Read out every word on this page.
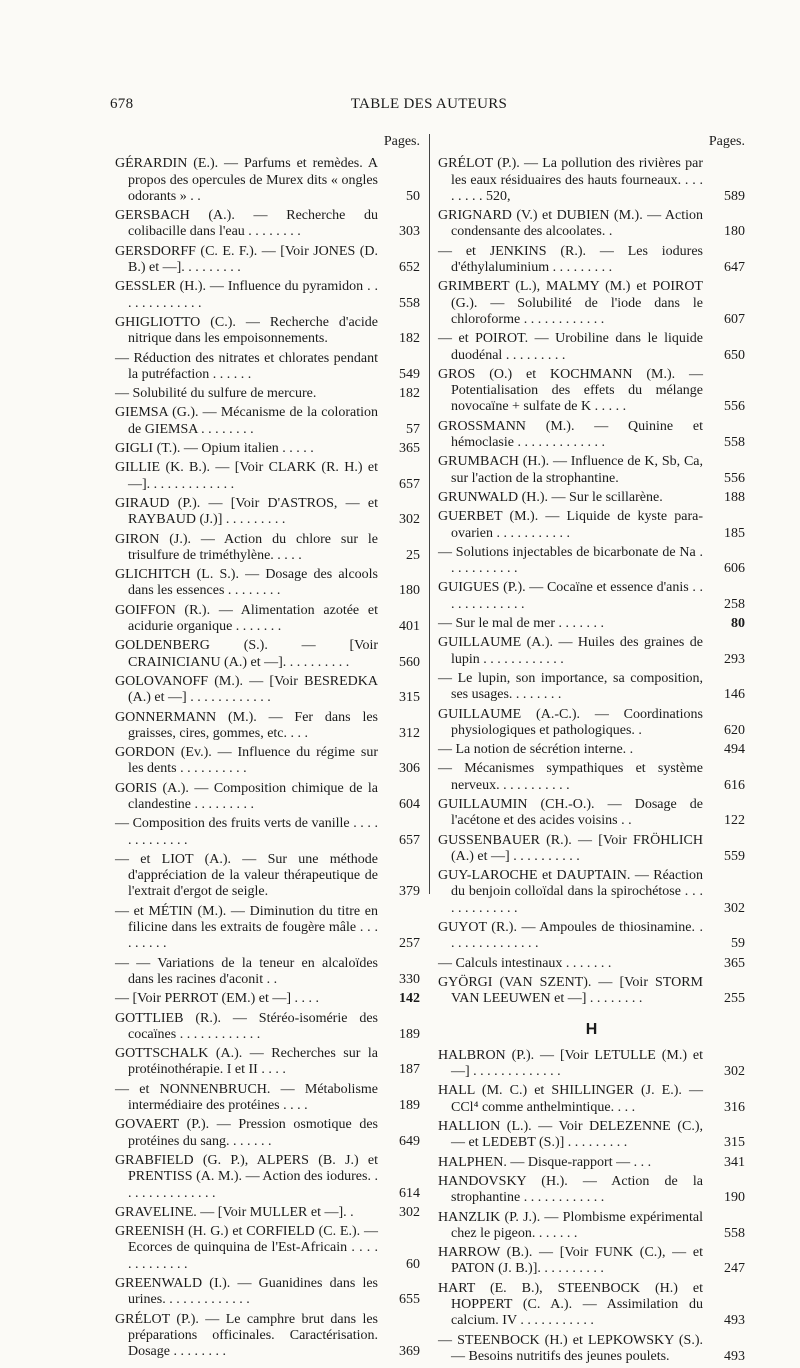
678	TABLE DES AUTEURS
Pages.
GÉRARDIN (E.). — Parfums et remèdes. A propos des opercules de Murex dits « ongles odorants » . .	50
GERSBACH (A.). — Recherche du colibacille dans l'eau . . . . . . . .	303
GERSDORFF (C. E. F.). — [Voir JONES (D. B.) et —]. . . . . . . . .	652
GESSLER (H.). — Influence du pyramidon . . . . . . . . . . . . .	558
GHIGLIOTTO (C.). — Recherche d'acide nitrique dans les empoisonnements.	182
— Réduction des nitrates et chlorates pendant la putréfaction . . . . . .	549
— Solubilité du sulfure de mercure.	182
GIEMSA (G.). — Mécanisme de la coloration de GIEMSA . . . . . . . .	57
GIGLI (T.). — Opium italien . . . . .	365
GILLIE (K. B.). — [Voir CLARK (R. H.) et —]. . . . . . . . . . . . .	657
GIRAUD (P.). — [Voir D'ASTROS, — et RAYBAUD (J.)] . . . . . . . . .	302
GIRON (J.). — Action du chlore sur le trisulfure de triméthylène. . . . .	25
GLICHITCH (L. S.). — Dosage des alcools dans les essences . . . . . . . .	180
GOIFFON (R.). — Alimentation azotée et acidurie organique . . . . . . .	401
GOLDENBERG (S.). — [Voir CRAINICIANU (A.) et —]. . . . . . . . . .	560
GOLOVANOFF (M.). — [Voir BESREDKA (A.) et —] . . . . . . . . . . . .	315
GONNERMANN (M.). — Fer dans les graisses, cires, gommes, etc. . . .	312
GORDON (Ev.). — Influence du régime sur les dents . . . . . . . . . .	306
GORIS (A.). — Composition chimique de la clandestine . . . . . . . . .	604
— Composition des fruits verts de vanille . . . . . . . . . . . . .	657
— et LIOT (A.). — Sur une méthode d'appréciation de la valeur thérapeutique de l'extrait d'ergot de seigle.	379
— et MÉTIN (M.). — Diminution du titre en filicine dans les extraits de fougère mâle . . . . . . . . .	257
— — Variations de la teneur en alcaloïdes dans les racines d'aconit . .	330
— [Voir PERROT (EM.) et —] . . . .	142
GOTTLIEB (R.). — Stéréo-isomérie des cocaïnes . . . . . . . . . . . .	189
GOTTSCHALK (A.). — Recherches sur la protéinothérapie. I et II . . . .	187
— et NONNENBRUCH. — Métabolisme intermédiaire des protéines . . . .	189
GOVAERT (P.). — Pression osmotique des protéines du sang. . . . . . .	649
GRABFIELD (G. P.), ALPERS (B. J.) et PRENTISS (A. M.). — Action des iodures. . . . . . . . . . . . . . .	614
GRAVELINE. — [Voir MULLER et —]. .	302
GREENISH (H. G.) et CORFIELD (C. E.). — Ecorces de quinquina de l'Est-Africain . . . . . . . . . . . . .	60
GREENWALD (I.). — Guanidines dans les urines. . . . . . . . . . . . .	655
GRÉLOT (P.). — Le camphre brut dans les préparations officinales. Caractérisation. Dosage . . . . . . . .	369
Pages.
GRÉLOT (P.). — La pollution des rivières par les eaux résiduaires des hauts fourneaux. . . . . . . . . 520,	589
GRIGNARD (V.) et DUBIEN (M.). — Action condensante des alcoolates. .	180
— et JENKINS (R.). — Les iodures d'éthylaluminium . . . . . . . . .	647
GRIMBERT (L.), MALMY (M.) et POIROT (G.). — Solubilité de l'iode dans le chloroforme . . . . . . . . . . . .	607
— et POIROT. — Urobiline dans le liquide duodénal . . . . . . . . .	650
GROS (O.) et KOCHMANN (M.). — Potentialisation des effets du mélange novocaïne + sulfate de K . . . . .	556
GROSSMANN (M.). — Quinine et hémoclasie . . . . . . . . . . . . .	558
GRUMBACH (H.). — Influence de K, Sb, Ca, sur l'action de la strophantine.	556
GRUNWALD (H.). — Sur le scillarène.	188
GUERBET (M.). — Liquide de kyste para-ovarien . . . . . . . . . . .	185
— Solutions injectables de bicarbonate de Na . . . . . . . . . . .	606
GUIGUES (P.). — Cocaïne et essence d'anis . . . . . . . . . . . . .	258
— Sur le mal de mer . . . . . . .	80
GUILLAUME (A.). — Huiles des graines de lupin . . . . . . . . . . . .	293
— Le lupin, son importance, sa composition, ses usages. . . . . . . .	146
GUILLAUME (A.-C.). — Coordinations physiologiques et pathologiques. .	620
— La notion de sécrétion interne. .	494
— Mécanismes sympathiques et système nerveux. . . . . . . . . . .	616
GUILLAUMIN (CH.-O.). — Dosage de l'acétone et des acides voisins . .	122
GUSSENBAUER (R.). — [Voir FRÖHLICH (A.) et —] . . . . . . . . . .	559
GUY-LAROCHE et DAUPTAIN. — Réaction du benjoin colloïdal dans la spirochétose . . . . . . . . . . . . .	302
GUYOT (R.). — Ampoules de thiosinamine. . . . . . . . . . . . . . .	59
— Calculs intestinaux . . . . . . .	365
GYÖRGI (VAN SZENT). — [Voir STORM VAN LEEUWEN et —] . . . . . . . .	255
H
HALBRON (P.). — [Voir LETULLE (M.) et —] . . . . . . . . . . . . .	302
HALL (M. C.) et SHILLINGER (J. E.). — CCl⁴ comme anthelmintique. . . .	316
HALLION (L.). — Voir DELEZENNE (C.), — et LEDEBT (S.)] . . . . . . . . .	315
HALPHEN. — Disque-rapport — . . .	341
HANDOVSKY (H.). — Action de la strophantine . . . . . . . . . . . .	190
HANZLIK (P. J.). — Plombisme expérimental chez le pigeon. . . . . . .	558
HARROW (B.). — [Voir FUNK (C.), — et PATON (J. B.)]. . . . . . . . . .	247
HART (E. B.), STEENBOCK (H.) et HOPPERT (C. A.). — Assimilation du calcium. IV . . . . . . . . . . .	493
— STEENBOCK (H.) et LEPKOWSKY (S.). — Besoins nutritifs des jeunes poulets.	493
